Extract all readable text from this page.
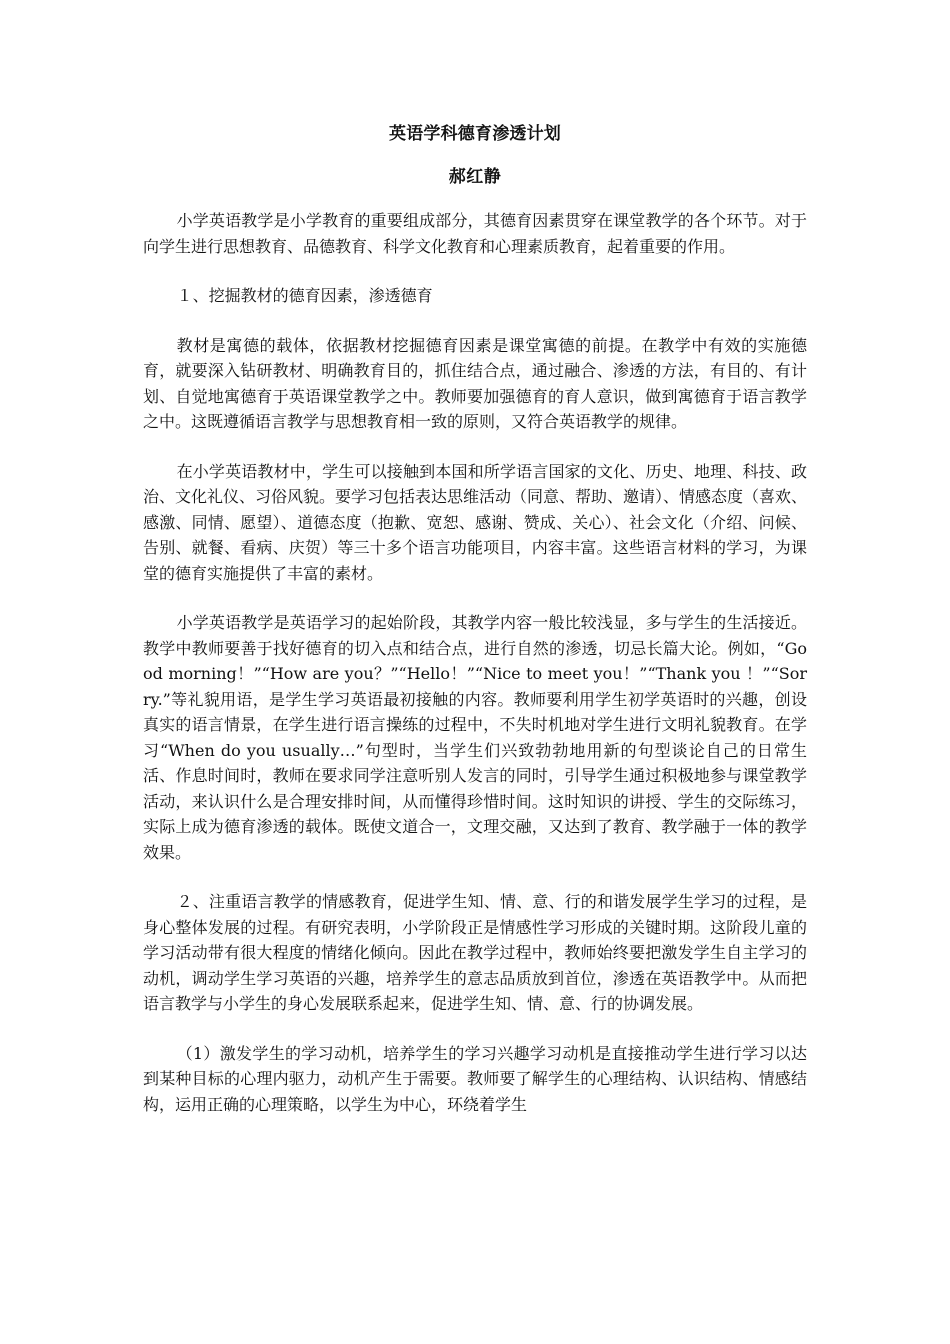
英语学科德育渗透计划
郝红静

小学英语教学是小学教育的重要组成部分，其德育因素贯穿在课堂教学的各个环节。对于向学生进行思想教育、品德教育、科学文化教育和心理素质教育，起着重要的作用。

１、挖掘教材的德育因素，渗透德育

教材是寓德的载体，依据教材挖掘德育因素是课堂寓德的前提。在教学中有效的实施德育，就要深入钻研教材、明确教育目的，抓住结合点，通过融合、渗透的方法，有目的、有计划、自觉地寓德育于英语课堂教学之中。教师要加强德育的育人意识，做到寓德育于语言教学之中。这既遵循语言教学与思想教育相一致的原则，又符合英语教学的规律。

在小学英语教材中，学生可以接触到本国和所学语言国家的文化、历史、地理、科技、政治、文化礼仪、习俗风貌。要学习包括表达思维活动（同意、帮助、邀请）、情感态度（喜欢、感激、同情、愿望）、道德态度（抱歉、宽恕、感谢、赞成、关心）、社会文化（介绍、问候、告别、就餐、看病、庆贺）等三十多个语言功能项目，内容丰富。这些语言材料的学习，为课堂的德育实施提供了丰富的素材。

小学英语教学是英语学习的起始阶段，其教学内容一般比较浅显，多与学生的生活接近。教学中教师要善于找好德育的切入点和结合点，进行自然的渗透，切忌长篇大论。例如，“Good morning！”“How are you？”“Hello！”“Nice to meet you！”“Thank you ！”“Sorry.”等礼貌用语，是学生学习英语最初接触的内容。教师要利用学生初学英语时的兴趣，创设真实的语言情景，在学生进行语言操练的过程中，不失时机地对学生进行文明礼貌教育。在学习“When do you usually…”句型时，当学生们兴致勃勃地用新的句型谈论自己的日常生活、作息时间时，教师在要求同学注意听别人发言的同时，引导学生通过积极地参与课堂教学活动，来认识什么是合理安排时间，从而懂得珍惜时间。这时知识的讲授、学生的交际练习，实际上成为德育渗透的载体。既使文道合一，文理交融，又达到了教育、教学融于一体的教学效果。

２、注重语言教学的情感教育，促进学生知、情、意、行的和谐发展学生学习的过程，是身心整体发展的过程。有研究表明，小学阶段正是情感性学习形成的关键时期。这阶段儿童的学习活动带有很大程度的情绪化倾向。因此在教学过程中，教师始终要把激发学生自主学习的动机，调动学生学习英语的兴趣，培养学生的意志品质放到首位，渗透在英语教学中。从而把语言教学与小学生的身心发展联系起来，促进学生知、情、意、行的协调发展。

（1）激发学生的学习动机，培养学生的学习兴趣学习动机是直接推动学生进行学习以达到某种目标的心理内驱力，动机产生于需要。教师要了解学生的心理结构、认识结构、情感结构，运用正确的心理策略，以学生为中心，环绕着学生
